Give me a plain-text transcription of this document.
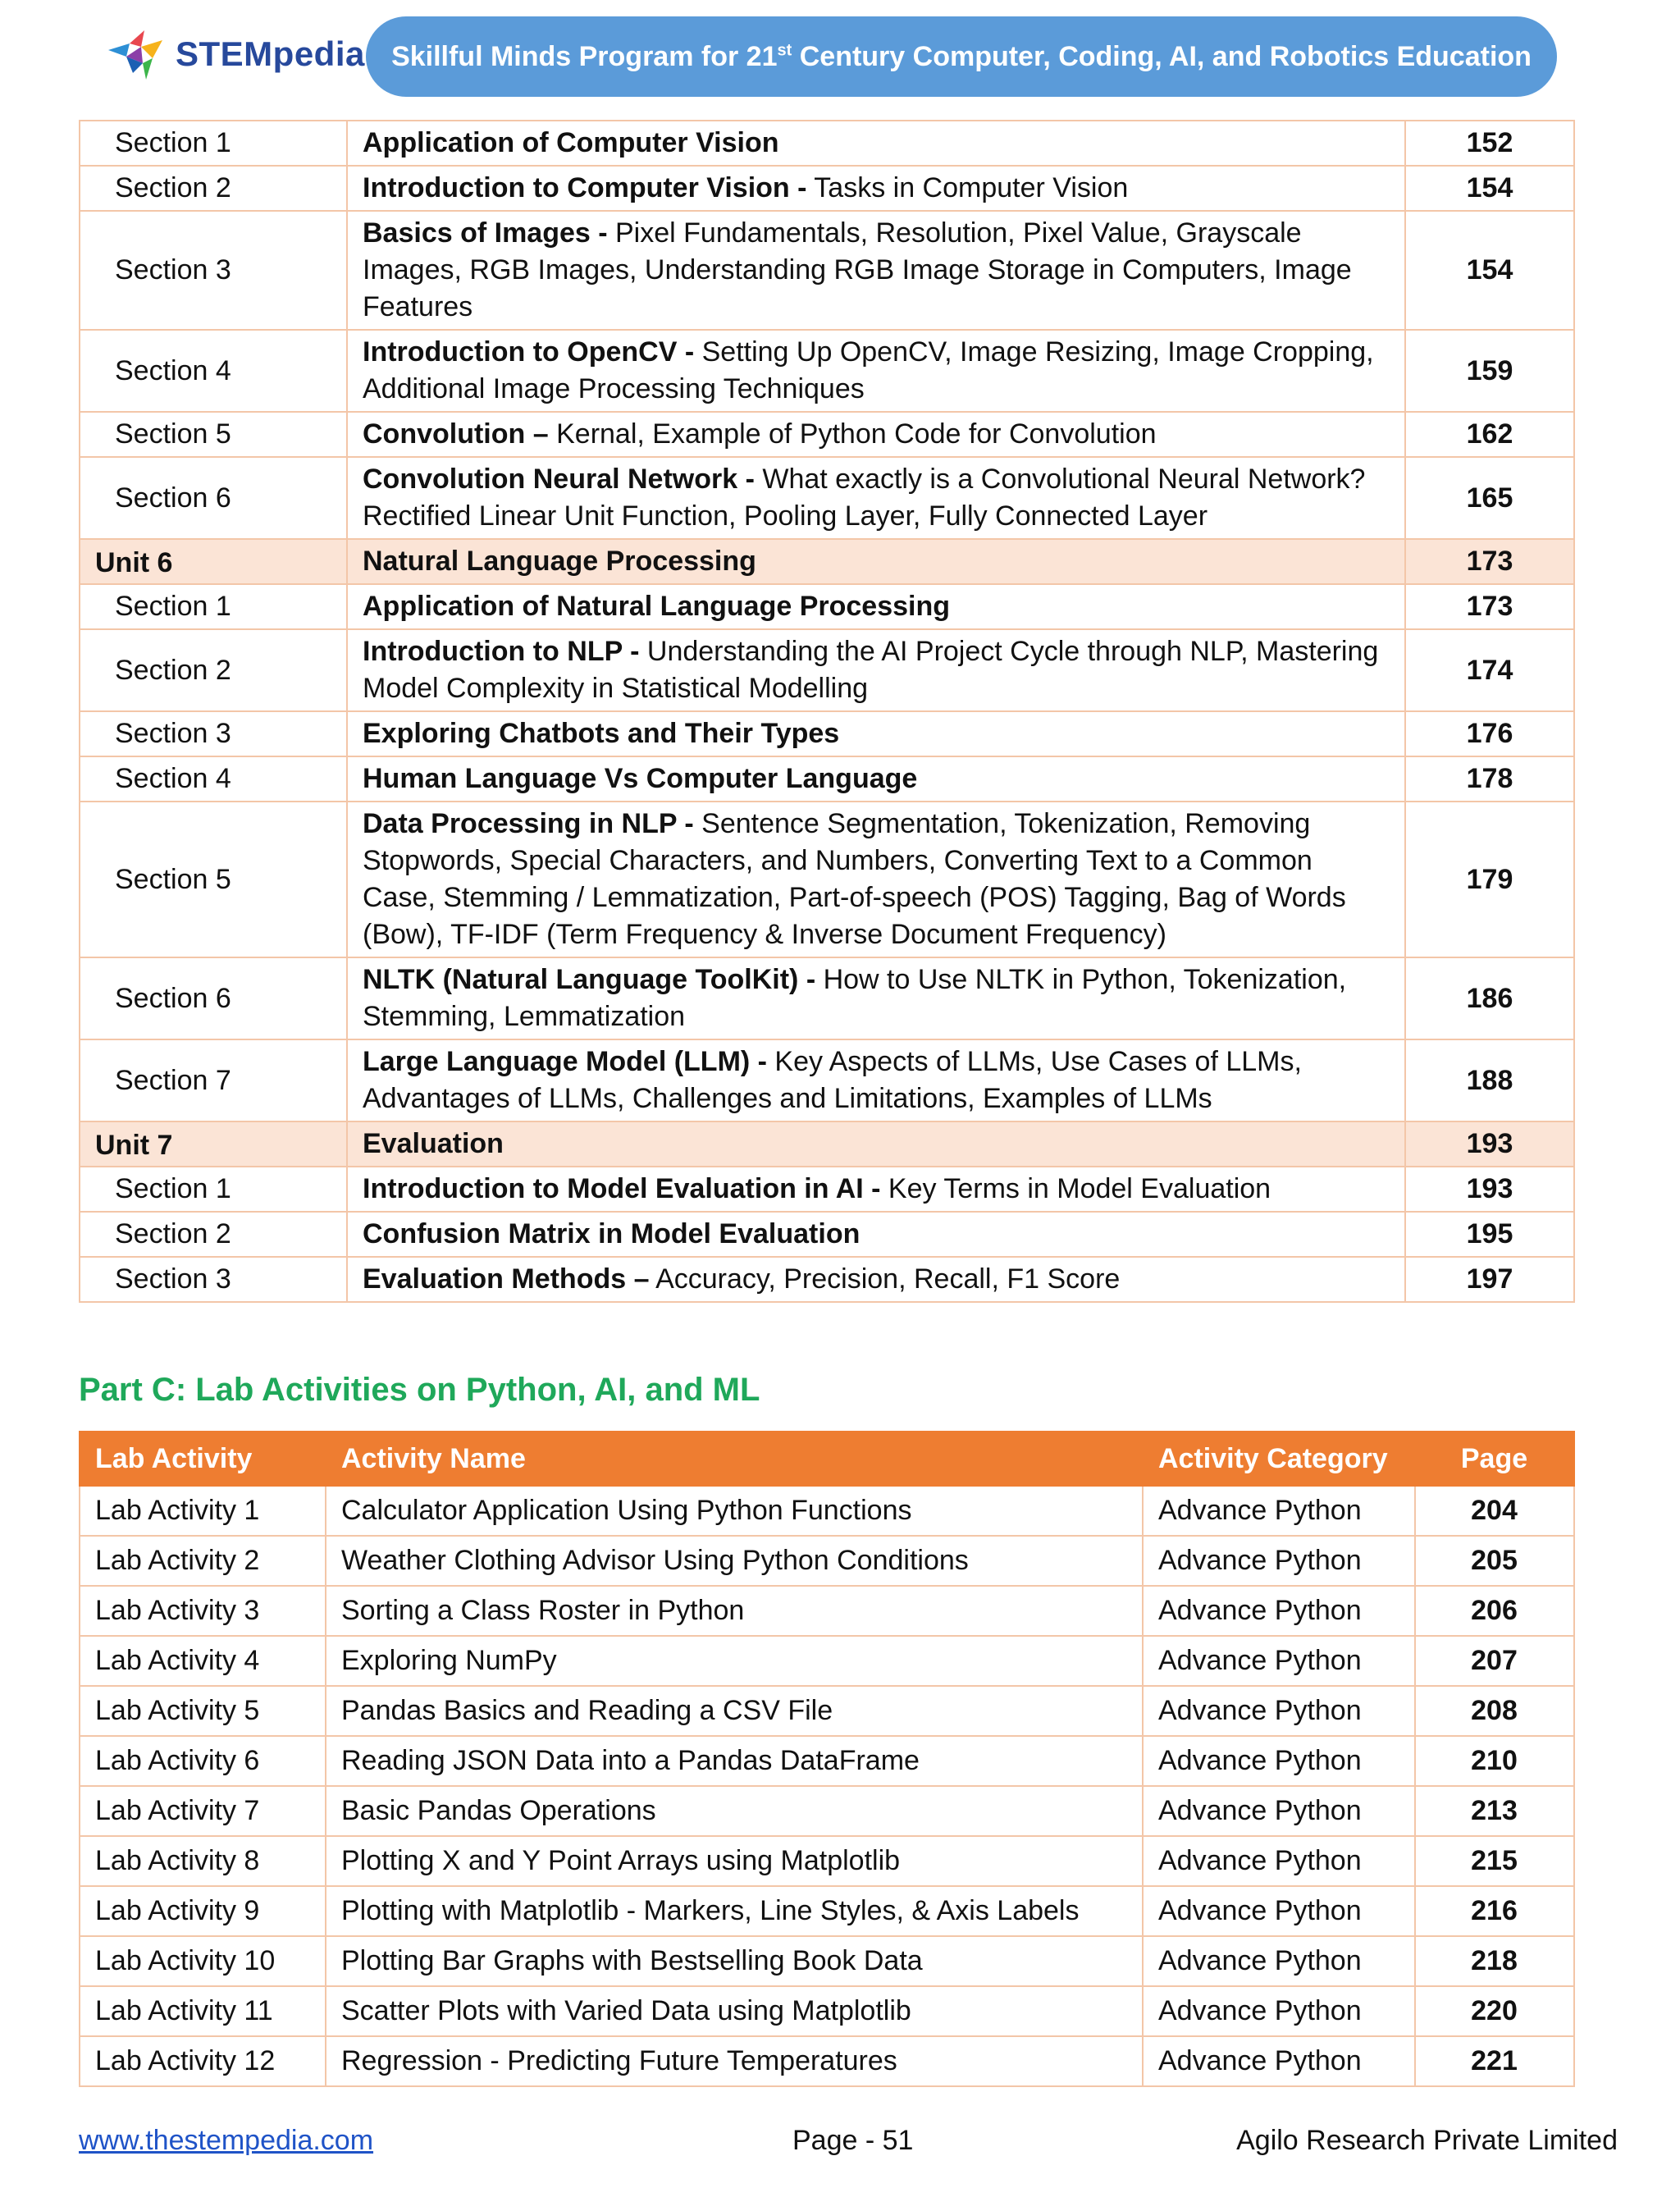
STEMpedia Skillful Minds Program for 21st Century Computer, Coding, AI, and Robotics Education
Section 1	Application of Computer Vision	152
Section 2	Introduction to Computer Vision - Tasks in Computer Vision	154
Section 3	Basics of Images - Pixel Fundamentals, Resolution, Pixel Value, Grayscale Images, RGB Images, Understanding RGB Image Storage in Computers, Image Features	154
Section 4	Introduction to OpenCV - Setting Up OpenCV, Image Resizing, Image Cropping, Additional Image Processing Techniques	159
Section 5	Convolution – Kernal, Example of Python Code for Convolution	162
Section 6	Convolution Neural Network - What exactly is a Convolutional Neural Network? Rectified Linear Unit Function, Pooling Layer, Fully Connected Layer	165
Unit 6	Natural Language Processing	173
Section 1	Application of Natural Language Processing	173
Section 2	Introduction to NLP - Understanding the AI Project Cycle through NLP, Mastering Model Complexity in Statistical Modelling	174
Section 3	Exploring Chatbots and Their Types	176
Section 4	Human Language Vs Computer Language	178
Section 5	Data Processing in NLP - Sentence Segmentation, Tokenization, Removing Stopwords, Special Characters, and Numbers, Converting Text to a Common Case, Stemming / Lemmatization, Part-of-speech (POS) Tagging, Bag of Words (Bow), TF-IDF (Term Frequency & Inverse Document Frequency)	179
Section 6	NLTK (Natural Language ToolKit) - How to Use NLTK in Python, Tokenization, Stemming, Lemmatization	186
Section 7	Large Language Model (LLM) - Key Aspects of LLMs, Use Cases of LLMs, Advantages of LLMs, Challenges and Limitations, Examples of LLMs	188
Unit 7	Evaluation	193
Section 1	Introduction to Model Evaluation in AI - Key Terms in Model Evaluation	193
Section 2	Confusion Matrix in Model Evaluation	195
Section 3	Evaluation Methods – Accuracy, Precision, Recall, F1 Score	197
Part C: Lab Activities on Python, AI, and ML
Lab Activity	Activity Name	Activity Category	Page
Lab Activity 1	Calculator Application Using Python Functions	Advance Python	204
Lab Activity 2	Weather Clothing Advisor Using Python Conditions	Advance Python	205
Lab Activity 3	Sorting a Class Roster in Python	Advance Python	206
Lab Activity 4	Exploring NumPy	Advance Python	207
Lab Activity 5	Pandas Basics and Reading a CSV File	Advance Python	208
Lab Activity 6	Reading JSON Data into a Pandas DataFrame	Advance Python	210
Lab Activity 7	Basic Pandas Operations	Advance Python	213
Lab Activity 8	Plotting X and Y Point Arrays using Matplotlib	Advance Python	215
Lab Activity 9	Plotting with Matplotlib - Markers, Line Styles, & Axis Labels	Advance Python	216
Lab Activity 10	Plotting Bar Graphs with Bestselling Book Data	Advance Python	218
Lab Activity 11	Scatter Plots with Varied Data using Matplotlib	Advance Python	220
Lab Activity 12	Regression - Predicting Future Temperatures	Advance Python	221
www.thestempedia.com	Page - 51	Agilo Research Private Limited
